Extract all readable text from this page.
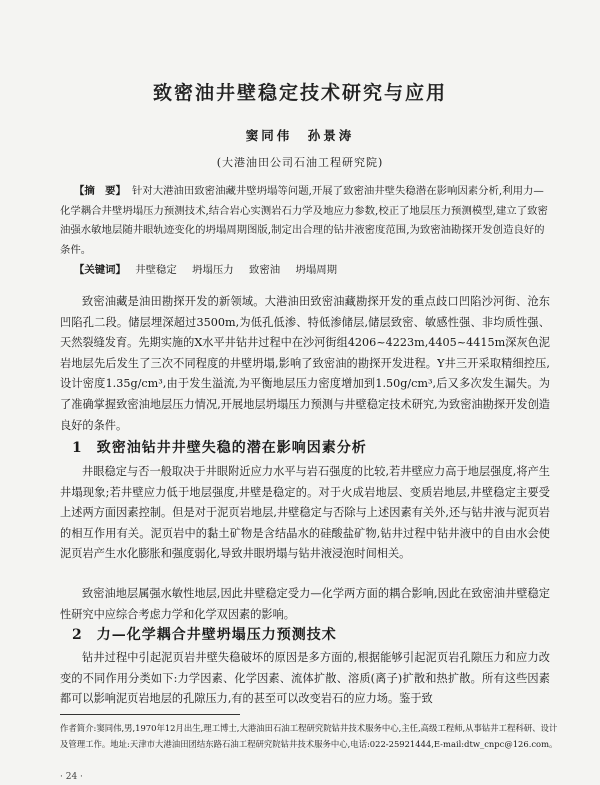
致密油井壁稳定技术研究与应用
窦同伟　孙景涛
(大港油田公司石油工程研究院)
【摘　要】 针对大港油田致密油藏井壁坍塌等问题,开展了致密油井壁失稳潜在影响因素分析,利用力—化学耦合井壁坍塌压力预测技术,结合岩心实测岩石力学及地应力参数,校正了地层压力预测模型,建立了致密油强水敏地层随井眼轨迹变化的坍塌周期图版,制定出合理的钻井液密度范围,为致密油勘探开发创造良好的条件。
【关键词】 井壁稳定 坍塌压力 致密油 坍塌周期
致密油藏是油田勘探开发的新领域。大港油田致密油藏勘探开发的重点歧口凹陷沙河街、沧东凹陷孔二段。储层埋深超过3500m,为低孔低渗、特低渗储层,储层致密、敏感性强、非均质性强、天然裂缝发育。先期实施的X水平井钻井过程中在沙河街组4206~4223m,4405~4415m深灰色泥岩地层先后发生了三次不同程度的井壁坍塌,影响了致密油的勘探开发进程。Y井三开采取精细控压,设计密度1.35g/cm³,由于发生溢流,为平衡地层压力密度增加到1.50g/cm³,后又多次发生漏失。为了准确掌握致密油地层压力情况,开展地层坍塌压力预测与井壁稳定技术研究,为致密油勘探开发创造良好的条件。
1 致密油钻井井壁失稳的潜在影响因素分析
井眼稳定与否一般取决于井眼附近应力水平与岩石强度的比较,若井壁应力高于地层强度,将产生井塌现象;若井壁应力低于地层强度,井壁是稳定的。对于火成岩地层、变质岩地层,井壁稳定主要受上述两方面因素控制。但是对于泥页岩地层,井壁稳定与否除与上述因素有关外,还与钻井液与泥页岩的相互作用有关。泥页岩中的黏土矿物是含结晶水的硅酸盐矿物,钻井过程中钻井液中的自由水会使泥页岩产生水化膨胀和强度弱化,导致井眼坍塌与钻井液浸泡时间相关。
致密油地层属强水敏性地层,因此井壁稳定受力—化学两方面的耦合影响,因此在致密油井壁稳定性研究中应综合考虑力学和化学双因素的影响。
2 力—化学耦合井壁坍塌压力预测技术
钻井过程中引起泥页岩井壁失稳破坏的原因是多方面的,根据能够引起泥页岩孔隙压力和应力改变的不同作用分类如下:力学因素、化学因素、流体扩散、溶质(离子)扩散和热扩散。所有这些因素都可以影响泥页岩地层的孔隙压力,有的甚至可以改变岩石的应力场。鉴于致
作者简介:窦同伟,男,1970年12月出生,理工博士,大港油田石油工程研究院钻井技术服务中心,主任,高级工程师,从事钻井工程科研、设计及管理工作。地址:天津市大港油田团结东路石油工程研究院钻井技术服务中心,电话:022-25921444,E-mail:dtw_cnpc@126.com。
· 24 ·
